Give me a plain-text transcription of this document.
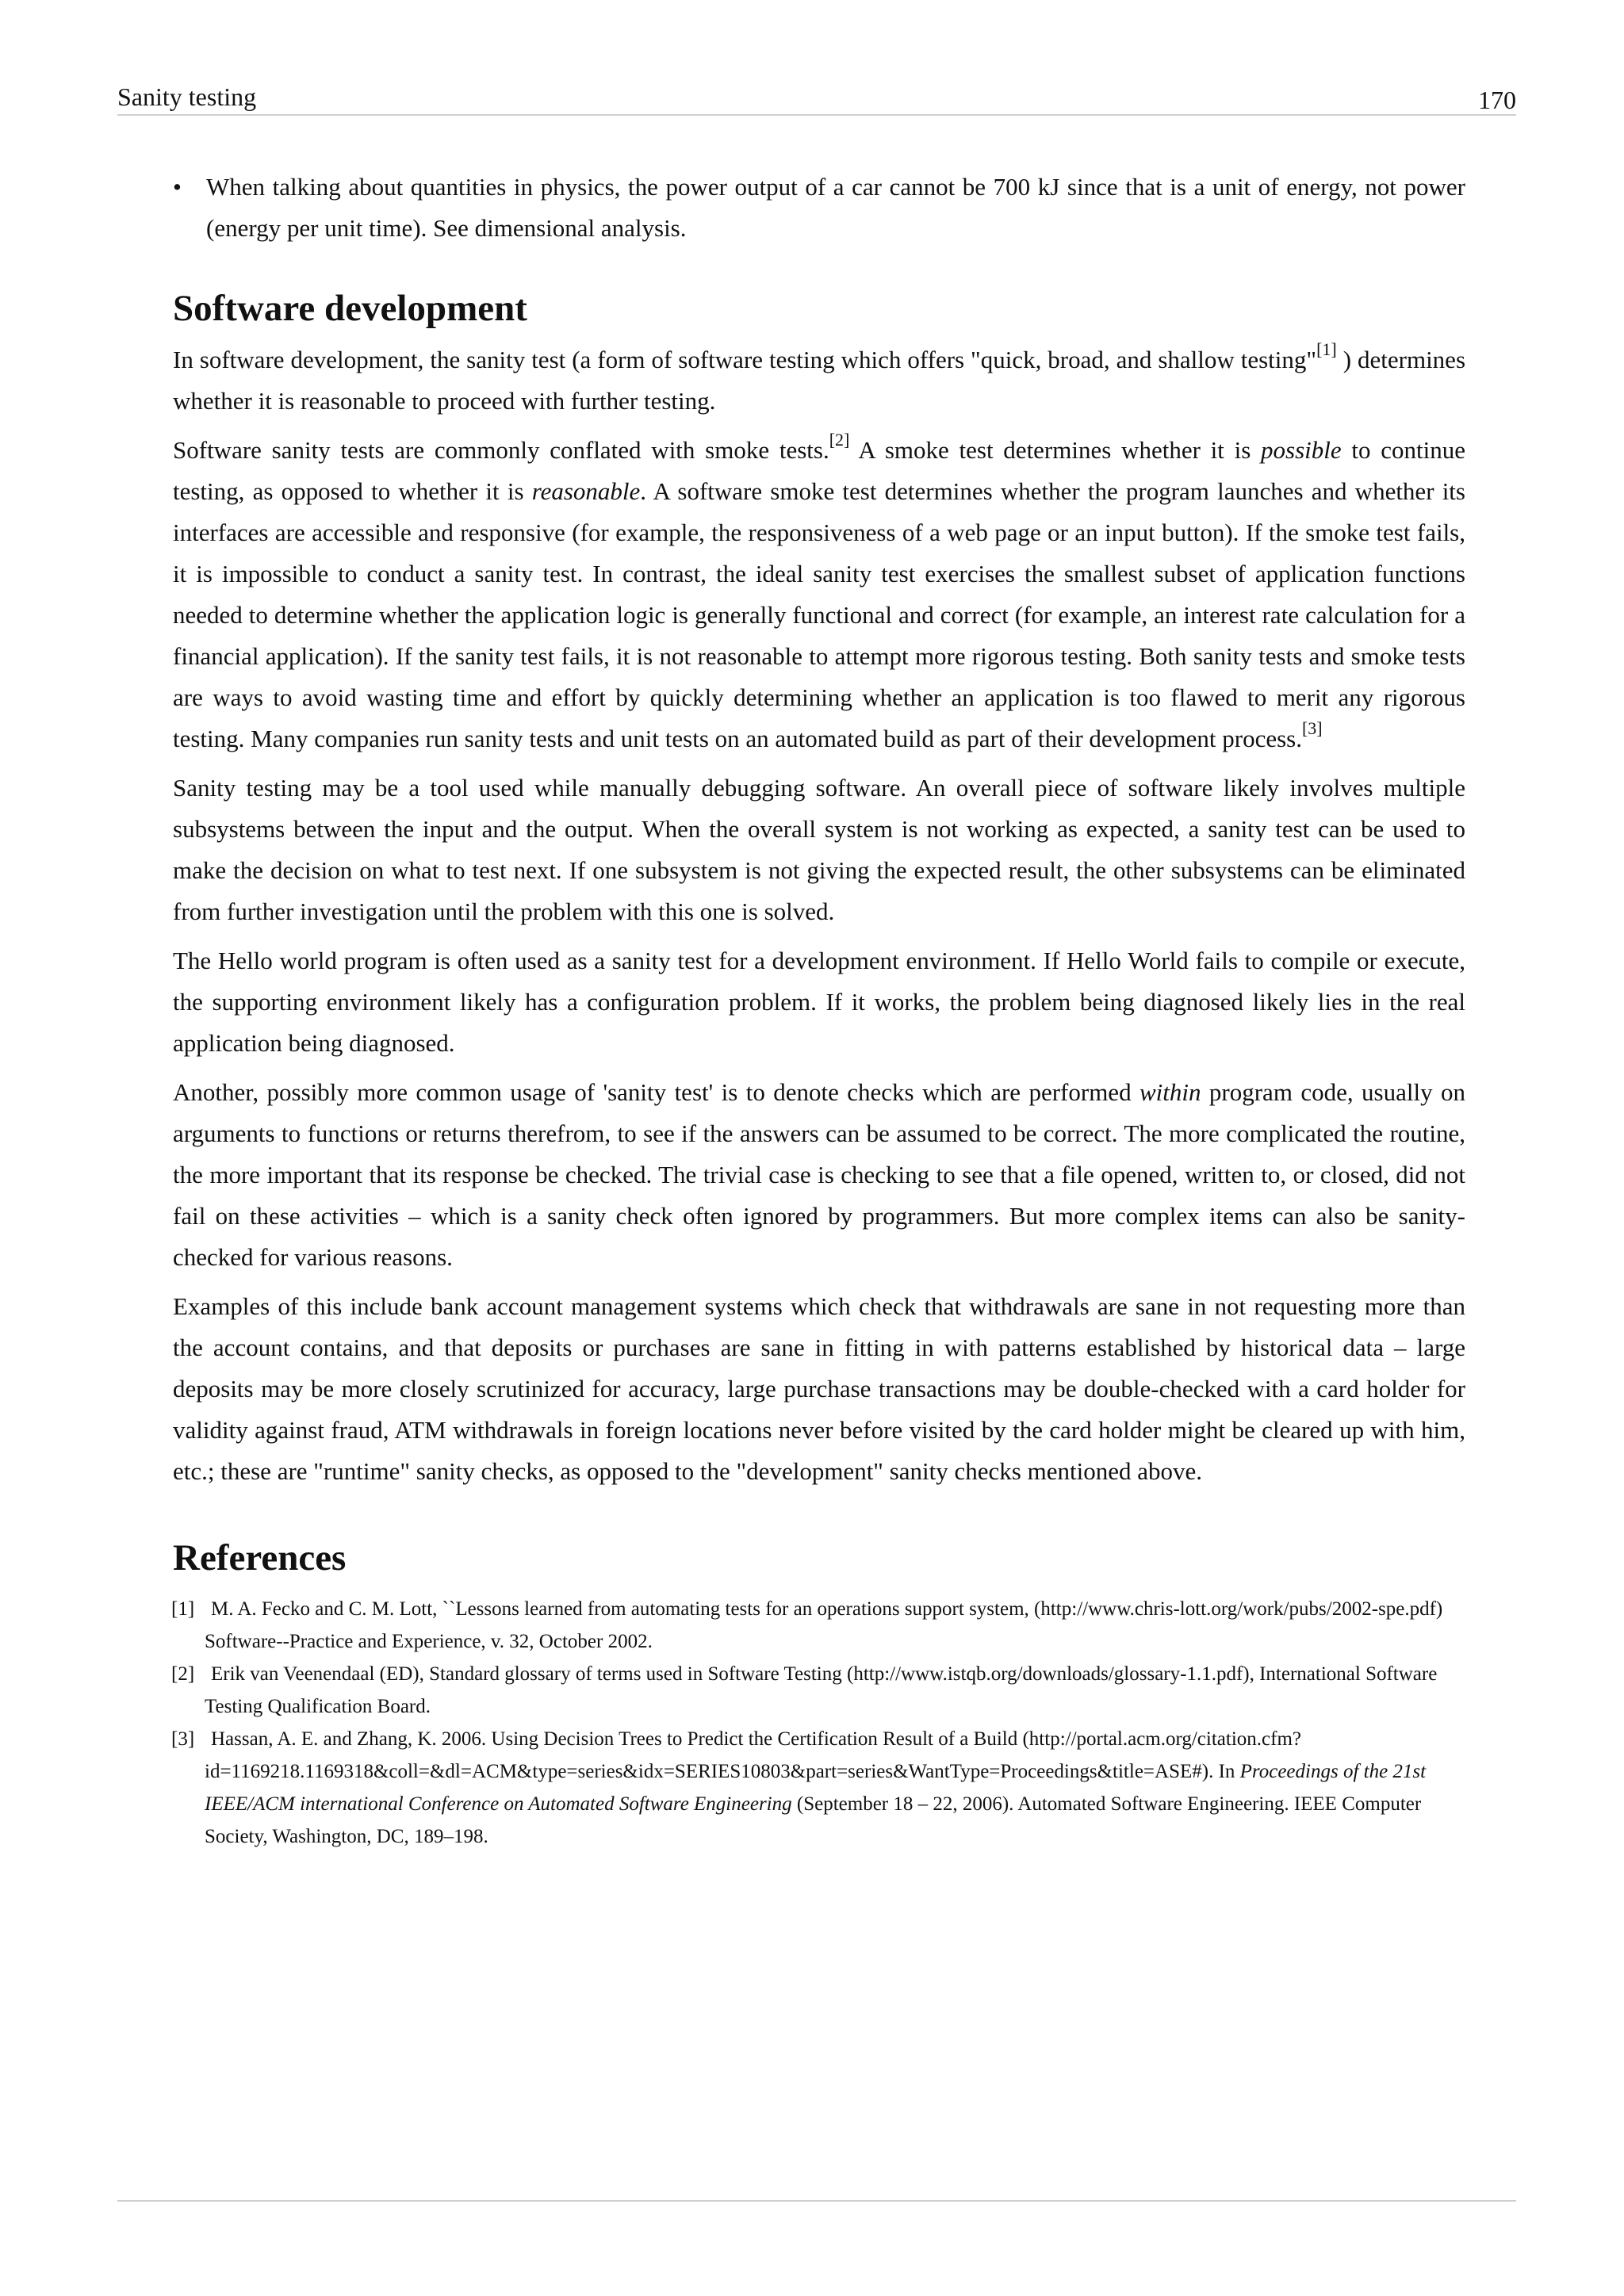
Sanity testing	170

• When talking about quantities in physics, the power output of a car cannot be 700 kJ since that is a unit of energy, not power (energy per unit time). See dimensional analysis.

Software development

In software development, the sanity test (a form of software testing which offers "quick, broad, and shallow testing"[1] ) determines whether it is reasonable to proceed with further testing.

Software sanity tests are commonly conflated with smoke tests.[2] A smoke test determines whether it is possible to continue testing, as opposed to whether it is reasonable. A software smoke test determines whether the program launches and whether its interfaces are accessible and responsive (for example, the responsiveness of a web page or an input button). If the smoke test fails, it is impossible to conduct a sanity test. In contrast, the ideal sanity test exercises the smallest subset of application functions needed to determine whether the application logic is generally functional and correct (for example, an interest rate calculation for a financial application). If the sanity test fails, it is not reasonable to attempt more rigorous testing. Both sanity tests and smoke tests are ways to avoid wasting time and effort by quickly determining whether an application is too flawed to merit any rigorous testing. Many companies run sanity tests and unit tests on an automated build as part of their development process.[3]

Sanity testing may be a tool used while manually debugging software. An overall piece of software likely involves multiple subsystems between the input and the output. When the overall system is not working as expected, a sanity test can be used to make the decision on what to test next. If one subsystem is not giving the expected result, the other subsystems can be eliminated from further investigation until the problem with this one is solved.

The Hello world program is often used as a sanity test for a development environment. If Hello World fails to compile or execute, the supporting environment likely has a configuration problem. If it works, the problem being diagnosed likely lies in the real application being diagnosed.

Another, possibly more common usage of 'sanity test' is to denote checks which are performed within program code, usually on arguments to functions or returns therefrom, to see if the answers can be assumed to be correct. The more complicated the routine, the more important that its response be checked. The trivial case is checking to see that a file opened, written to, or closed, did not fail on these activities – which is a sanity check often ignored by programmers. But more complex items can also be sanity-checked for various reasons.

Examples of this include bank account management systems which check that withdrawals are sane in not requesting more than the account contains, and that deposits or purchases are sane in fitting in with patterns established by historical data – large deposits may be more closely scrutinized for accuracy, large purchase transactions may be double-checked with a card holder for validity against fraud, ATM withdrawals in foreign locations never before visited by the card holder might be cleared up with him, etc.; these are "runtime" sanity checks, as opposed to the "development" sanity checks mentioned above.

References

[1] M. A. Fecko and C. M. Lott, ``Lessons learned from automating tests for an operations support system, (http://www.chris-lott.org/work/pubs/2002-spe.pdf) Software--Practice and Experience, v. 32, October 2002.

[2] Erik van Veenendaal (ED), Standard glossary of terms used in Software Testing (http://www.istqb.org/downloads/glossary-1.1.pdf), International Software Testing Qualification Board.

[3] Hassan, A. E. and Zhang, K. 2006. Using Decision Trees to Predict the Certification Result of a Build (http://portal.acm.org/citation.cfm?id=1169218.1169318&coll=&dl=ACM&type=series&idx=SERIES10803&part=series&WantType=Proceedings&title=ASE#). In Proceedings of the 21st IEEE/ACM international Conference on Automated Software Engineering (September 18 – 22, 2006). Automated Software Engineering. IEEE Computer Society, Washington, DC, 189–198.
